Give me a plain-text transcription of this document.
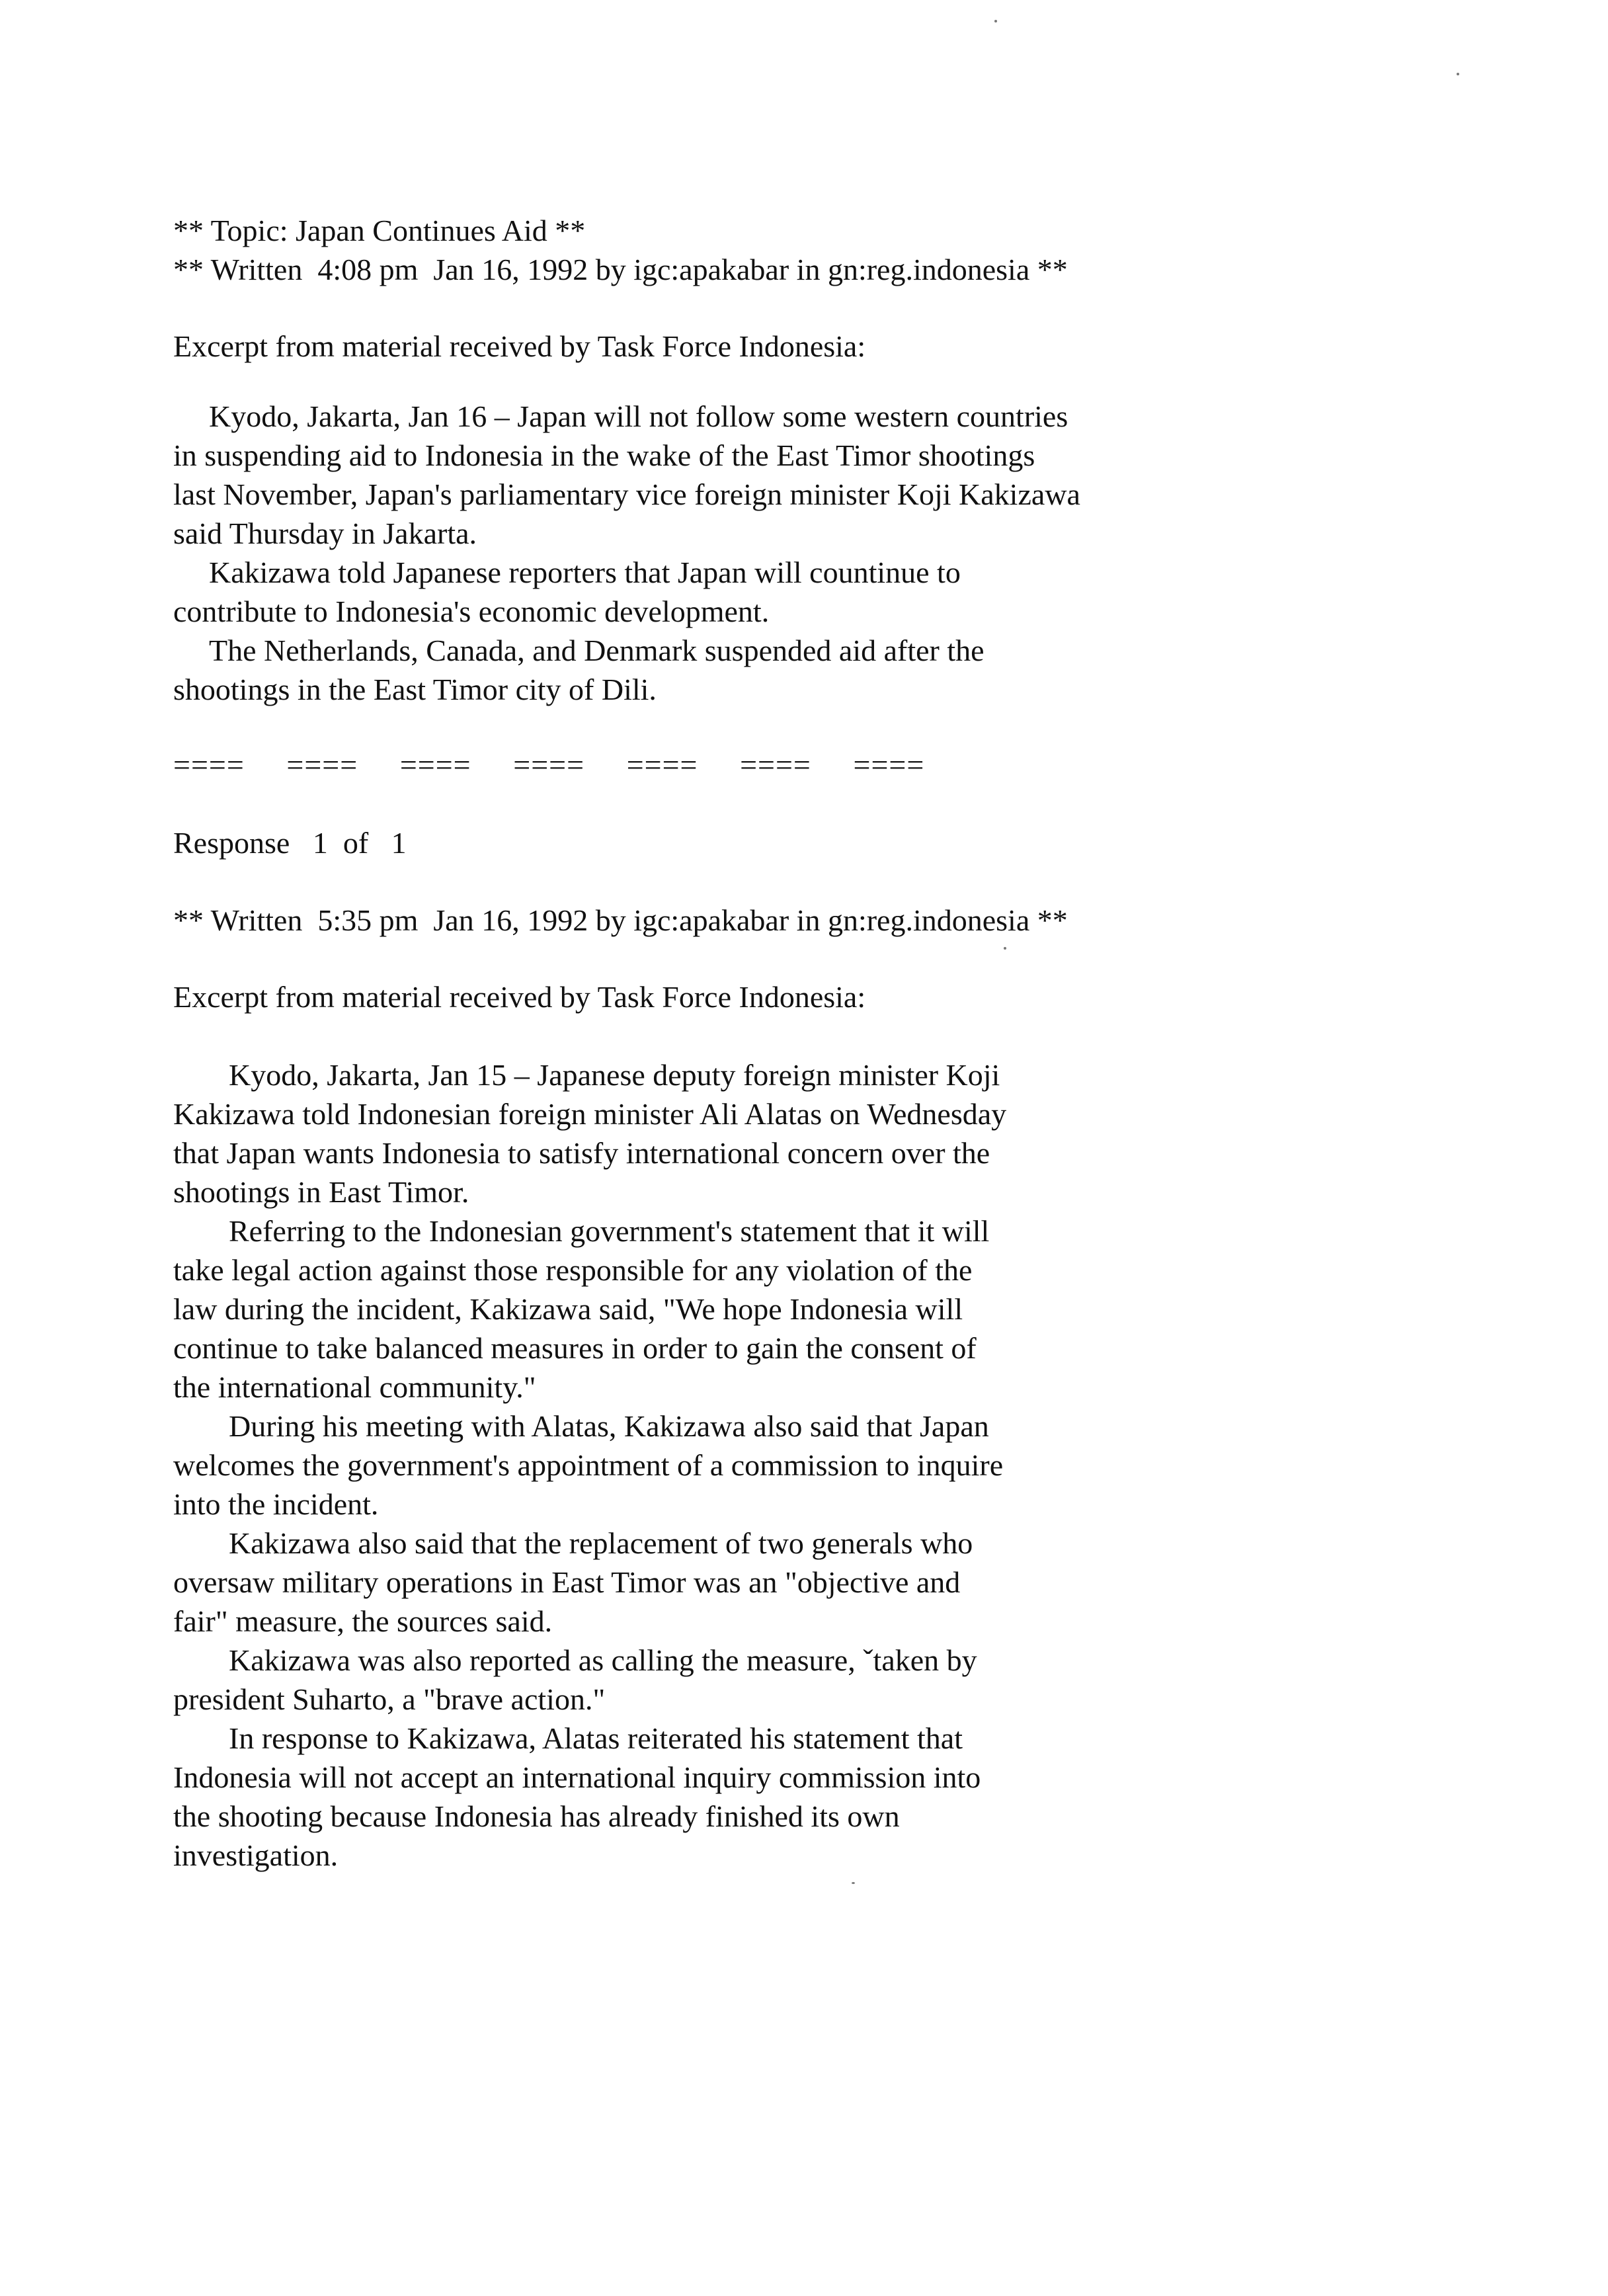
** Topic: Japan Continues Aid **
** Written  4:08 pm  Jan 16, 1992 by igc:apakabar in gn:reg.indonesia **
Excerpt from material received by Task Force Indonesia:
Kyodo, Jakarta, Jan 16 – Japan will not follow some western countries
in suspending aid to Indonesia in the wake of the East Timor shootings
last November, Japan's parliamentary vice foreign minister Koji Kakizawa
said Thursday in Jakarta.
Kakizawa told Japanese reporters that Japan will countinue to
contribute to Indonesia's economic development.
The Netherlands, Canada, and Denmark suspended aid after the
shootings in the East Timor city of Dili.
====	====	====	====	====	====	====
Response   1  of   1
** Written  5:35 pm  Jan 16, 1992 by igc:apakabar in gn:reg.indonesia **
Excerpt from material received by Task Force Indonesia:
Kyodo, Jakarta, Jan 15 – Japanese deputy foreign minister Koji
Kakizawa told Indonesian foreign minister Ali Alatas on Wednesday
that Japan wants Indonesia to satisfy international concern over the
shootings in East Timor.
Referring to the Indonesian government's statement that it will
take legal action against those responsible for any violation of the
law during the incident, Kakizawa said, "We hope Indonesia will
continue to take balanced measures in order to gain the consent of
the international community."
During his meeting with Alatas, Kakizawa also said that Japan
welcomes the government's appointment of a commission to inquire
into the incident.
Kakizawa also said that the replacement of two generals who
oversaw military operations in East Timor was an "objective and
fair" measure, the sources said.
Kakizawa was also reported as calling the measure, ˇtaken by
president Suharto, a "brave action."
In response to Kakizawa, Alatas reiterated his statement that
Indonesia will not accept an international inquiry commission into
the shooting because Indonesia has already finished its own
investigation.
